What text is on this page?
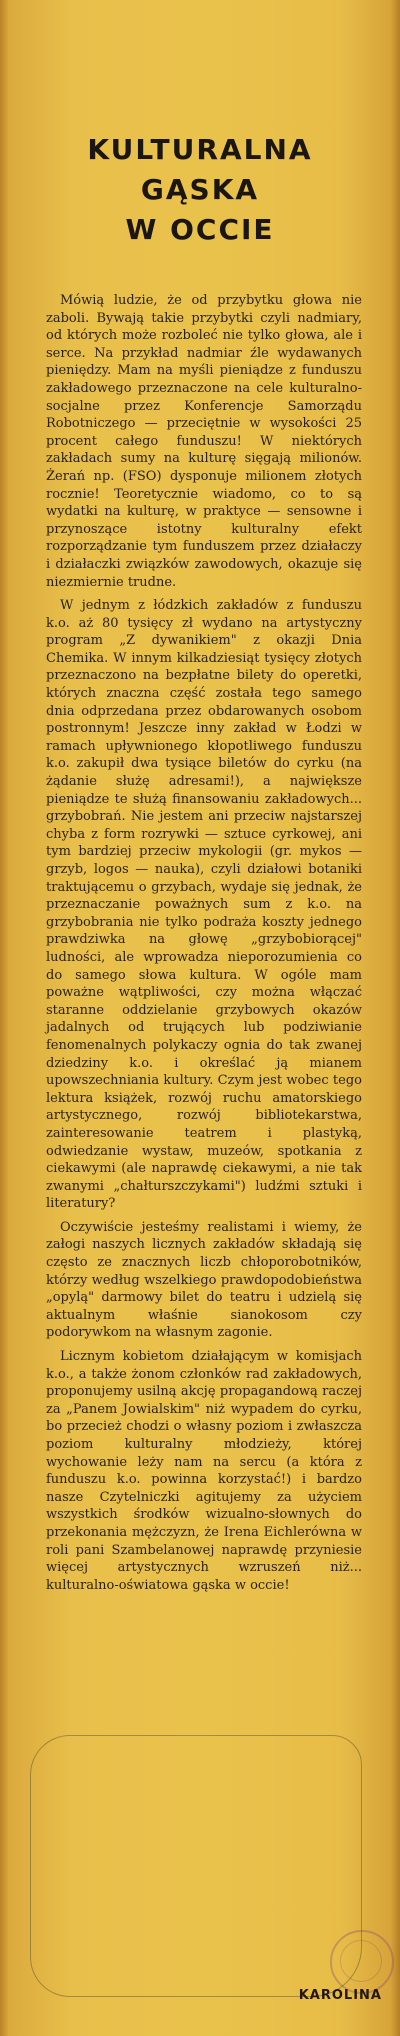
KULTURALNA
GĄSKA
W OCCIE

Mówią ludzie, że od przybytku głowa nie zaboli. Bywają takie przybytki czyli nadmiary, od których może rozboleć nie tylko głowa, ale i serce. Na przykład nadmiar źle wydawanych pieniędzy. Mam na myśli pieniądze z funduszu zakładowego przeznaczone na cele kulturalno-socjalne przez Konferencje Samorządu Robotniczego — przeciętnie w wysokości 25 procent całego funduszu! W niektórych zakładach sumy na kulturę sięgają milionów. Żerań np. (FSO) dysponuje milionem złotych rocznie! Teoretycznie wiadomo, co to są wydatki na kulturę, w praktyce — sensowne i przynoszące istotny kulturalny efekt rozporządzanie tym funduszem przez działaczy i działaczki związków zawodowych, okazuje się niezmiernie trudne.

W jednym z łódzkich zakładów z funduszu k.o. aż 80 tysięcy zł wydano na artystyczny program „Z dywanikiem" z okazji Dnia Chemika. W innym kilkadziesiąt tysięcy złotych przeznaczono na bezpłatne bilety do operetki, których znaczna część została tego samego dnia odprzedana przez obdarowanych osobom postronnym! Jeszcze inny zakład w Łodzi w ramach upływnionego kłopotliwego funduszu k.o. zakupił dwa tysiące biletów do cyrku (na żądanie służę adresami!), a największe pieniądze te służą finansowaniu zakładowych... grzybobrań. Nie jestem ani przeciw najstarszej chyba z form rozrywki — sztuce cyrkowej, ani tym bardziej przeciw mykologii (gr. mykos — grzyb, logos — nauka), czyli działowi botaniki traktującemu o grzybach, wydaje się jednak, że przeznaczanie poważnych sum z k.o. na grzybobrania nie tylko podraża koszty jednego prawdziwka na głowę „grzybobiorącej" ludności, ale wprowadza nieporozumienia co do samego słowa kultura. W ogóle mam poważne wątpliwości, czy można włączać staranne oddzielanie grzybowych okazów jadalnych od trujących lub podziwianie fenomenalnych polykaczy ognia do tak zwanej dziedziny k.o. i określać ją mianem upowszechniania kultury. Czym jest wobec tego lektura książek, rozwój ruchu amatorskiego artystycznego, rozwój bibliotekarstwa, zainteresowanie teatrem i plastyką, odwiedzanie wystaw, muzeów, spotkania z ciekawymi (ale naprawdę ciekawymi, a nie tak zwanymi „chałturszczykami") ludźmi sztuki i literatury?

Oczywiście jesteśmy realistami i wiemy, że załogi naszych licznych zakładów składają się często ze znacznych liczb chłoporobotników, którzy według wszelkiego prawdopodobieństwa „opylą" darmowy bilet do teatru i udzielą się aktualnym właśnie sianokosom czy podorywkom na własnym zagonie.

Licznym kobietom działającym w komisjach k.o., a także żonom członków rad zakładowych, proponujemy usilną akcję propagandową raczej za „Panem Jowialskim" niż wypadem do cyrku, bo przecież chodzi o własny poziom i zwłaszcza poziom kulturalny młodzieży, której wychowanie leży nam na sercu (a która z funduszu k.o. powinna korzystać!) i bardzo nasze Czytelniczki agitujemy za użyciem wszystkich środków wizualno-słownych do przekonania mężczyzn, że Irena Eichlerówna w roli pani Szambelanowej naprawdę przyniesie więcej artystycznych wzruszeń niż... kulturalno-oświatowa gąska w occie!

KAROLINA
